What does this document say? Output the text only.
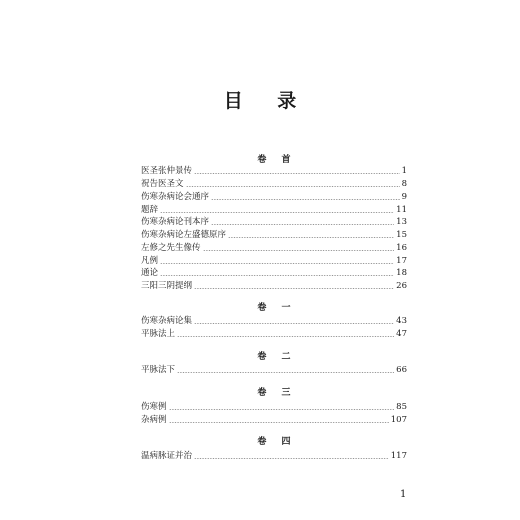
目 录
卷 首
医圣张仲景传	1
祝告医圣文	8
伤寒杂病论会通序	9
题辞	11
伤寒杂病论刊本序	13
伤寒杂病论左盛德原序	15
左修之先生像传	16
凡例	17
通论	18
三阳三阴提纲	26
卷 一
伤寒杂病论集	43
平脉法上	47
卷 二
平脉法下	66
卷 三
伤寒例	85
杂病例	107
卷 四
温病脉证并治	117
1
